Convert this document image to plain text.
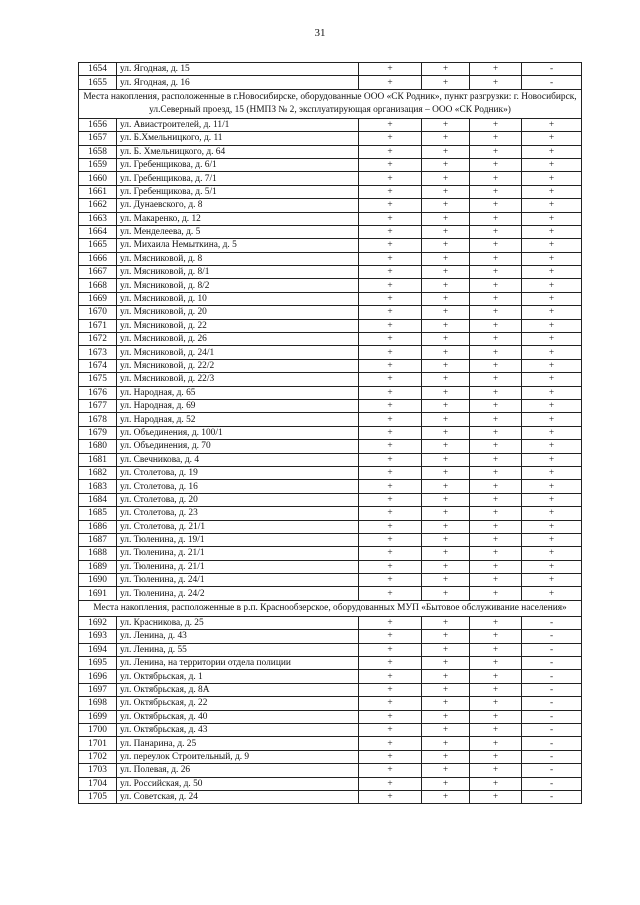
31
1654	ул. Ягодная, д. 15	+	+	+	-
1655	ул. Ягодная, д. 16	+	+	+	-
Места накопления, расположенные в г.Новосибирске, оборудованные ООО «СК Родник», пункт разгрузки: г. Новосибирск, ул.Северный проезд, 15 (НМПЗ № 2, эксплуатирующая организация – ООО «СК Родник»)					
1656	ул. Авиастроителей, д. 11/1	+	+	+	+
1657	ул. Б.Хмельницкого, д. 11	+	+	+	+
1658	ул. Б. Хмельницкого, д. 64	+	+	+	+
1659	ул. Гребенщикова, д. 6/1	+	+	+	+
1660	ул. Гребенщикова, д. 7/1	+	+	+	+
1661	ул. Гребенщикова, д. 5/1	+	+	+	+
1662	ул. Дунаевского, д. 8	+	+	+	+
1663	ул. Макаренко, д. 12	+	+	+	+
1664	ул. Менделеева, д. 5	+	+	+	+
1665	ул. Михаила Немыткина, д. 5	+	+	+	+
1666	ул. Мясниковой, д. 8	+	+	+	+
1667	ул. Мясниковой, д. 8/1	+	+	+	+
1668	ул. Мясниковой, д. 8/2	+	+	+	+
1669	ул. Мясниковой, д. 10	+	+	+	+
1670	ул. Мясниковой, д. 20	+	+	+	+
1671	ул. Мясниковой, д. 22	+	+	+	+
1672	ул. Мясниковой, д. 26	+	+	+	+
1673	ул. Мясниковой, д. 24/1	+	+	+	+
1674	ул. Мясниковой, д. 22/2	+	+	+	+
1675	ул. Мясниковой, д. 22/3	+	+	+	+
1676	ул. Народная, д. 65	+	+	+	+
1677	ул. Народная, д. 69	+	+	+	+
1678	ул. Народная, д. 52	+	+	+	+
1679	ул. Объединения, д. 100/1	+	+	+	+
1680	ул. Объединения, д. 70	+	+	+	+
1681	ул. Свечникова, д. 4	+	+	+	+
1682	ул. Столетова, д. 19	+	+	+	+
1683	ул. Столетова, д. 16	+	+	+	+
1684	ул. Столетова, д. 20	+	+	+	+
1685	ул. Столетова, д. 23	+	+	+	+
1686	ул. Столетова, д. 21/1	+	+	+	+
1687	ул. Тюленина, д. 19/1	+	+	+	+
1688	ул. Тюленина, д. 21/1	+	+	+	+
1689	ул. Тюленина, д. 21/1	+	+	+	+
1690	ул. Тюленина, д. 24/1	+	+	+	+
1691	ул. Тюленина, д. 24/2	+	+	+	+
Места накопления, расположенные в р.п. Краснообзерское, оборудованных МУП «Бытовое обслуживание населения»					
1692	ул. Красникова, д. 25	+	+	+	-
1693	ул. Ленина, д. 43	+	+	+	-
1694	ул. Ленина, д. 55	+	+	+	-
1695	ул. Ленина, на территории отдела полиции	+	+	+	-
1696	ул. Октябрьская, д. 1	+	+	+	-
1697	ул. Октябрьская, д. 8А	+	+	+	-
1698	ул. Октябрьская, д. 22	+	+	+	-
1699	ул. Октябрьская, д. 40	+	+	+	-
1700	ул. Октябрьская, д. 43	+	+	+	-
1701	ул. Панарина, д. 25	+	+	+	-
1702	ул. переулок Строительный, д. 9	+	+	+	-
1703	ул. Полевая, д. 26	+	+	+	-
1704	ул. Российская, д. 50	+	+	+	-
1705	ул. Советская, д. 24	+	+	+	-
